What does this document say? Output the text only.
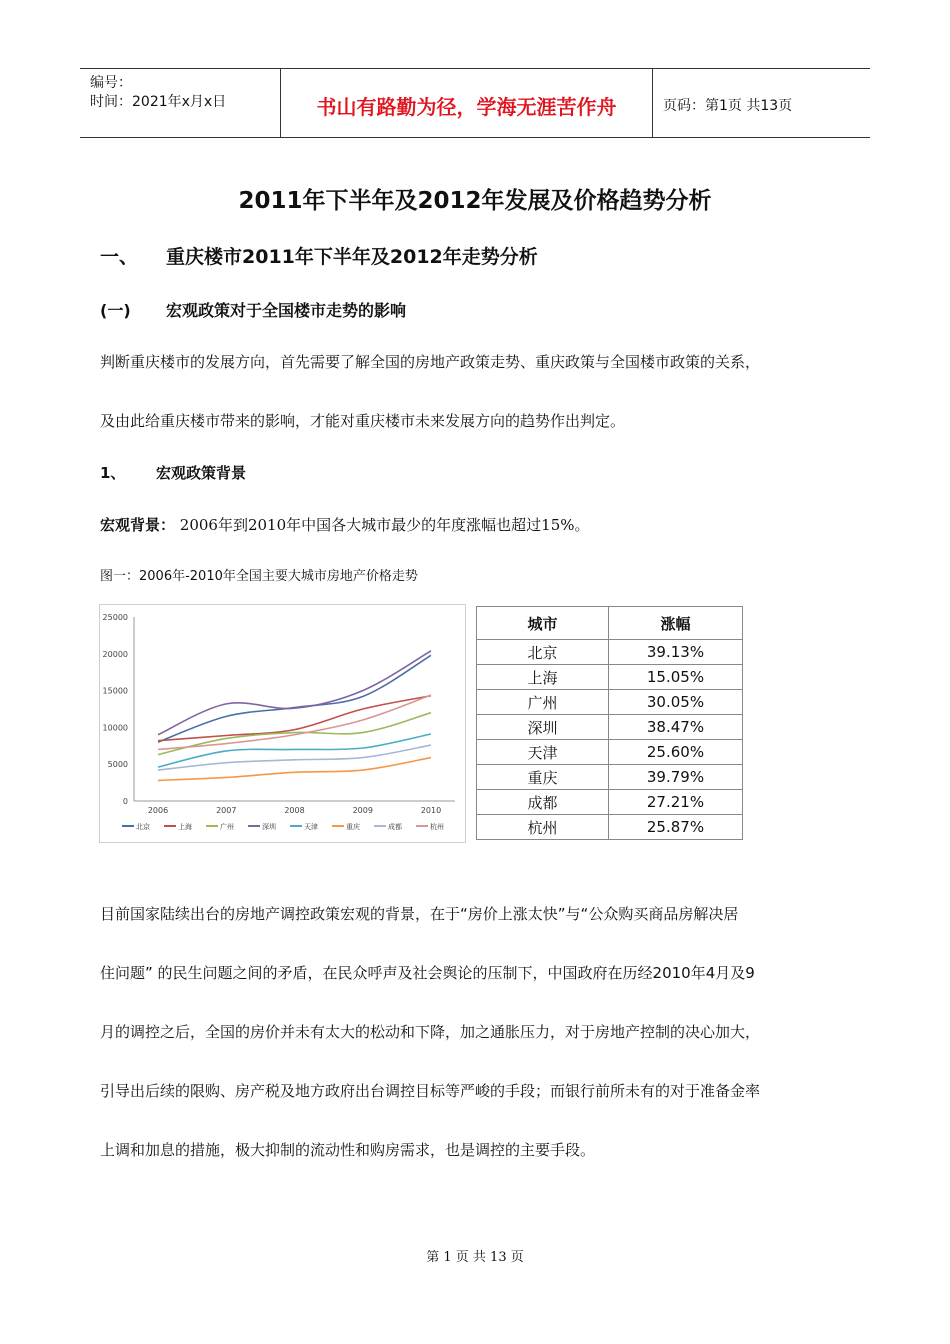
编号：
时间：2021年x月x日	书山有路勤为径，学海无涯苦作舟	页码：第1页 共13页
2011年下半年及2012年发展及价格趋势分析
一、 重庆楼市2011年下半年及2012年走势分析
(一) 宏观政策对于全国楼市走势的影响
判断重庆楼市的发展方向，首先需要了解全国的房地产政策走势、重庆政策与全国楼市政策的关系，
及由此给重庆楼市带来的影响，才能对重庆楼市未来发展方向的趋势作出判定。
1、 宏观政策背景
宏观背景： 2006年到2010年中国各大城市最少的年度涨幅也超过15%。
图一：2006年-2010年全国主要大城市房地产价格走势
0
5000
10000
15000
20000
25000
2006	2007	2008	2009	2010
北京	上海	广州	深圳	天津	重庆	成都	杭州
城市	涨幅
北京	39.13%
上海	15.05%
广州	30.05%
深圳	38.47%
天津	25.60%
重庆	39.79%
成都	27.21%
杭州	25.87%
目前国家陆续出台的房地产调控政策宏观的背景，在于“房价上涨太快”与“公众购买商品房解决居
住问题” 的民生问题之间的矛盾，在民众呼声及社会舆论的压制下，中国政府在历经2010年4月及9
月的调控之后，全国的房价并未有太大的松动和下降，加之通胀压力，对于房地产控制的决心加大，
引导出后续的限购、房产税及地方政府出台调控目标等严峻的手段；而银行前所未有的对于准备金率
上调和加息的措施，极大抑制的流动性和购房需求，也是调控的主要手段。
第 1 页 共 13 页
